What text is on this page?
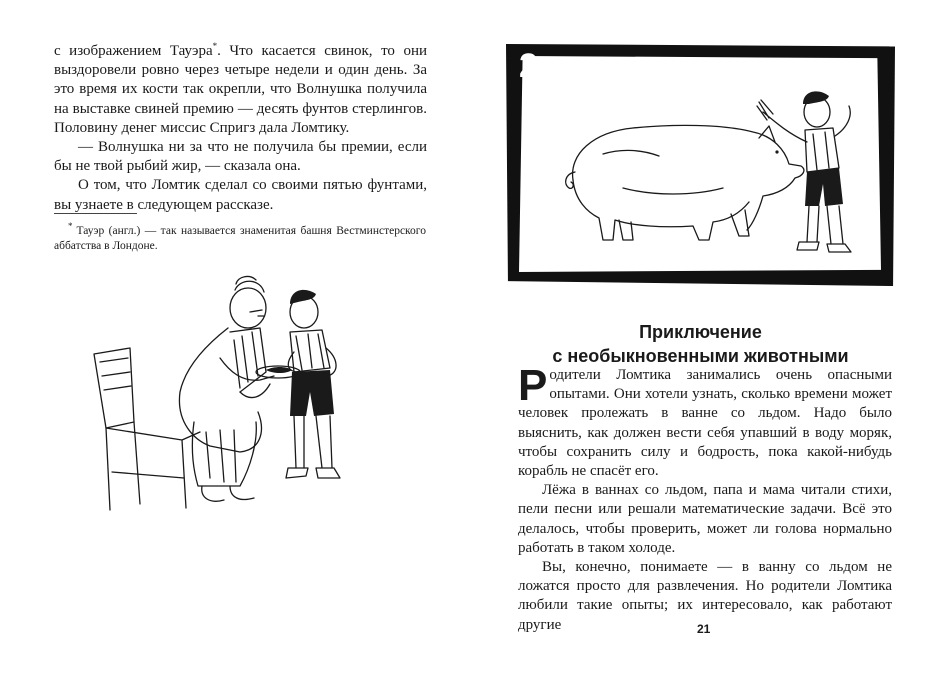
с изображением Тауэра*. Что касается свинок, то они выздоровели ровно через четыре недели и один день. За это время их кости так окрепли, что Волнушка получила на выставке свиней премию — десять фунтов стерлингов. Половину денег миссис Спригз дала Ломтику.

— Волнушка ни за что не получила бы премии, если бы не твой рыбий жир, — сказала она.

О том, что Ломтик сделал со своими пятью фунтами, вы узнаете в следующем рассказе.

* Тауэр (англ.) — так называется знаменитая башня Вестминстерского аббатства в Лондоне.
2
Приключение
с необыкновенными животными

Родители Ломтика занимались очень опасными опытами. Они хотели узнать, сколько времени может человек пролежать в ванне со льдом. Надо было выяснить, как должен вести себя упавший в воду моряк, чтобы сохранить силу и бодрость, пока какой-нибудь корабль не спасёт его.

Лёжа в ваннах со льдом, папа и мама читали стихи, пели песни или решали математические задачи. Всё это делалось, чтобы проверить, может ли голова нормально работать в таком холоде.

Вы, конечно, понимаете — в ванну со льдом не ложатся просто для развлечения. Но родители Ломтика любили такие опыты; их интересовало, как работают другие	21
